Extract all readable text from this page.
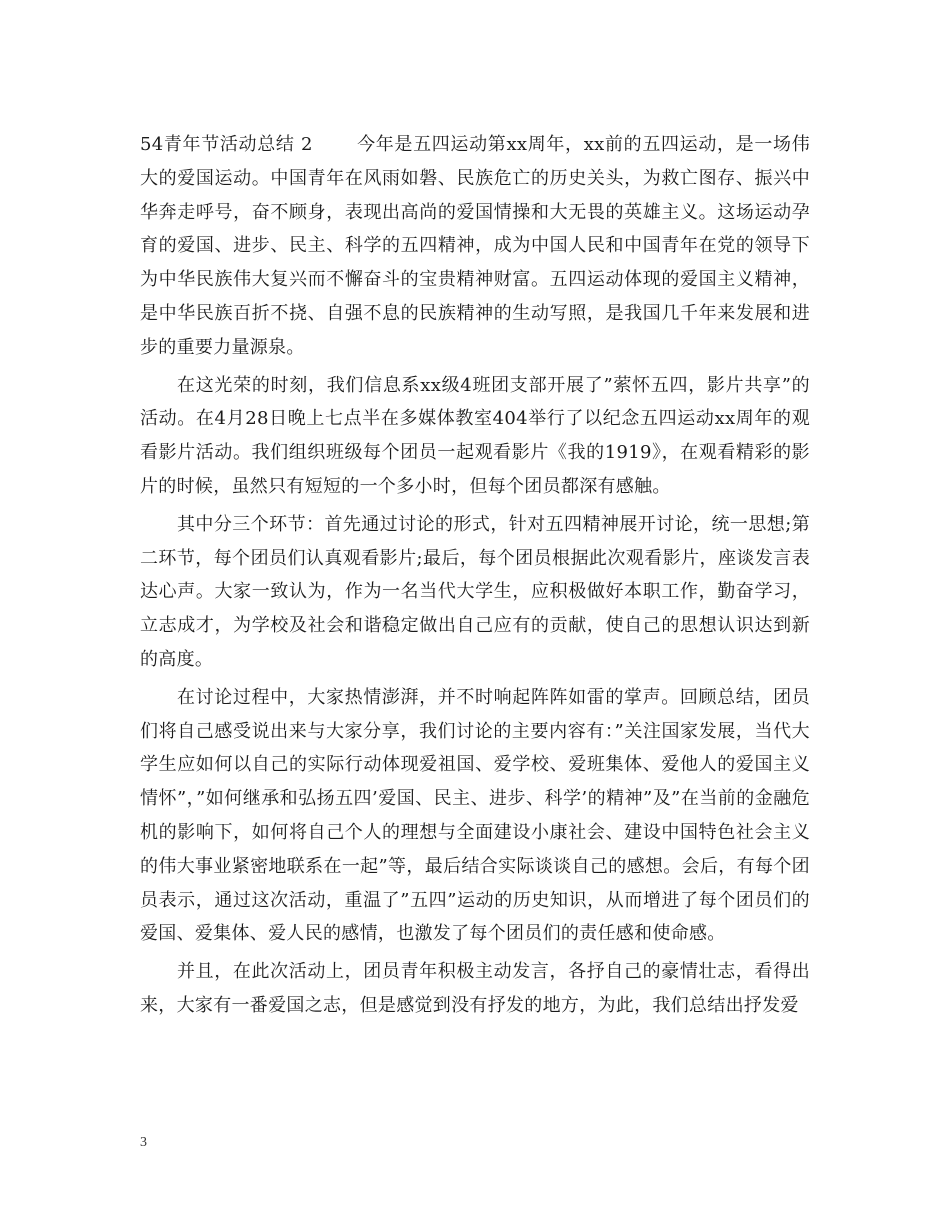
54青年节活动总结 2 今年是五四运动第xx周年，xx前的五四运动，是一场伟大的爱国运动。中国青年在风雨如磐、民族危亡的历史关头，为救亡图存、振兴中华奔走呼号，奋不顾身，表现出高尚的爱国情操和大无畏的英雄主义。这场运动孕育的爱国、进步、民主、科学的五四精神，成为中国人民和中国青年在党的领导下为中华民族伟大复兴而不懈奋斗的宝贵精神财富。五四运动体现的爱国主义精神，是中华民族百折不挠、自强不息的民族精神的生动写照，是我国几千年来发展和进步的重要力量源泉。

在这光荣的时刻，我们信息系xx级4班团支部开展了”萦怀五四，影片共享”的活动。在4月28日晚上七点半在多媒体教室404举行了以纪念五四运动xx周年的观看影片活动。我们组织班级每个团员一起观看影片《我的1919》，在观看精彩的影片的时候，虽然只有短短的一个多小时，但每个团员都深有感触。

其中分三个环节：首先通过讨论的形式，针对五四精神展开讨论，统一思想;第二环节，每个团员们认真观看影片;最后，每个团员根据此次观看影片，座谈发言表达心声。大家一致认为，作为一名当代大学生，应积极做好本职工作，勤奋学习，立志成才，为学校及社会和谐稳定做出自己应有的贡献，使自己的思想认识达到新的高度。

在讨论过程中，大家热情澎湃，并不时响起阵阵如雷的掌声。回顾总结，团员们将自己感受说出来与大家分享，我们讨论的主要内容有：”关注国家发展，当代大学生应如何以自己的实际行动体现爱祖国、爱学校、爱班集体、爱他人的爱国主义情怀”，”如何继承和弘扬五四’爱国、民主、进步、科学’的精神”及”在当前的金融危机的影响下，如何将自己个人的理想与全面建设小康社会、建设中国特色社会主义的伟大事业紧密地联系在一起”等，最后结合实际谈谈自己的感想。会后，有每个团员表示，通过这次活动，重温了”五四”运动的历史知识，从而增进了每个团员们的爱国、爱集体、爱人民的感情，也激发了每个团员们的责任感和使命感。

并且，在此次活动上，团员青年积极主动发言，各抒自己的豪情壮志，看得出来，大家有一番爱国之志，但是感觉到没有抒发的地方，为此，我们总结出抒发爱

3
